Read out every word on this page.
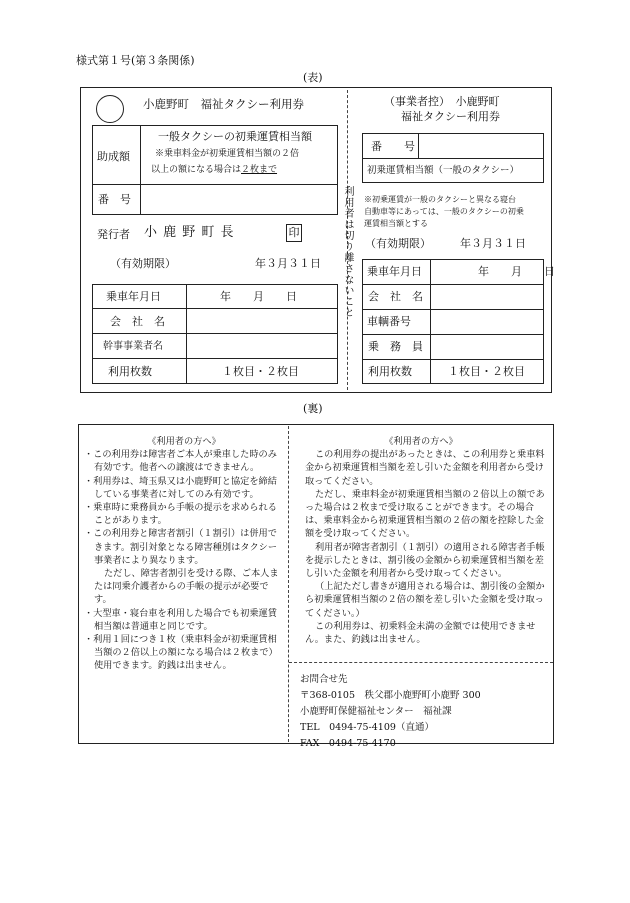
様式第１号(第３条関係)
(表)
小鹿野町　福祉タクシー利用券
助成額
一般タクシーの初乗運賃相当額
※乗車料金が初乗運賃相当額の２倍
以上の額になる場合は２枚まで
番　号
発行者 小 鹿 野 町 長	印
（有効期限）	年３月３１日
乗車年月日	年　　月　　日
会　社　名
幹事事業者名
利用枚数	１枚目・２枚目
利用者は切り離さないこと
（事業者控）　小鹿野町
福祉タクシー利用券
番　　号
初乗運賃相当額（一般のタクシー）
※初乗運賃が一般のタクシーと異なる寝台
自動車等にあっては、一般のタクシーの初乗
運賃相当額とする
（有効期限）	年３月３１日
乗車年月日	年　　月　　日
会　社　名
車輌番号
乗　務　員
利用枚数	１枚目・２枚目
(裏)

《利用者の方へ》

・この利用券は障害者ご本人が乗車した時のみ有効です。他者への譲渡はできません。

・利用券は、埼玉県又は小鹿野町と協定を締結している事業者に対してのみ有効です。

・乗車時に乗務員から手帳の提示を求められることがあります。

・この利用券と障害者割引（１割引）は併用できます。割引対象となる障害種別はタクシー事業者により異なります。

ただし、障害者割引を受ける際、ご本人または同乗介護者からの手帳の提示が必要です。

・大型車・寝台車を利用した場合でも初乗運賃相当額は普通車と同じです。

・利用１回につき１枚（乗車料金が初乗運賃相当額の２倍以上の額になる場合は２枚まで）使用できます。釣銭は出ません。

《利用者の方へ》

この利用券の提出があったときは、この利用券と乗車料金から初乗運賃相当額を差し引いた金額を利用者から受け取ってください。

ただし、乗車料金が初乗運賃相当額の２倍以上の額であった場合は２枚まで受け取ることができます。その場合は、乗車料金から初乗運賃相当額の２倍の額を控除した金額を受け取ってください。

利用者が障害者割引（１割引）の適用される障害者手帳を提示したときは、割引後の金額から初乗運賃相当額を差し引いた金額を利用者から受け取ってください。

（上記ただし書きが適用される場合は、割引後の金額から初乗運賃相当額の２倍の額を差し引いた金額を受け取ってください。）

この利用券は、初乗料金未満の金額では使用できません。また、釣銭は出ません。

お問合せ先

〒368-0105　秩父郡小鹿野町小鹿野 300

小鹿野町保健福祉センター　福祉課

TEL　0494-75-4109（直通）

FAX　0494-75-4170
